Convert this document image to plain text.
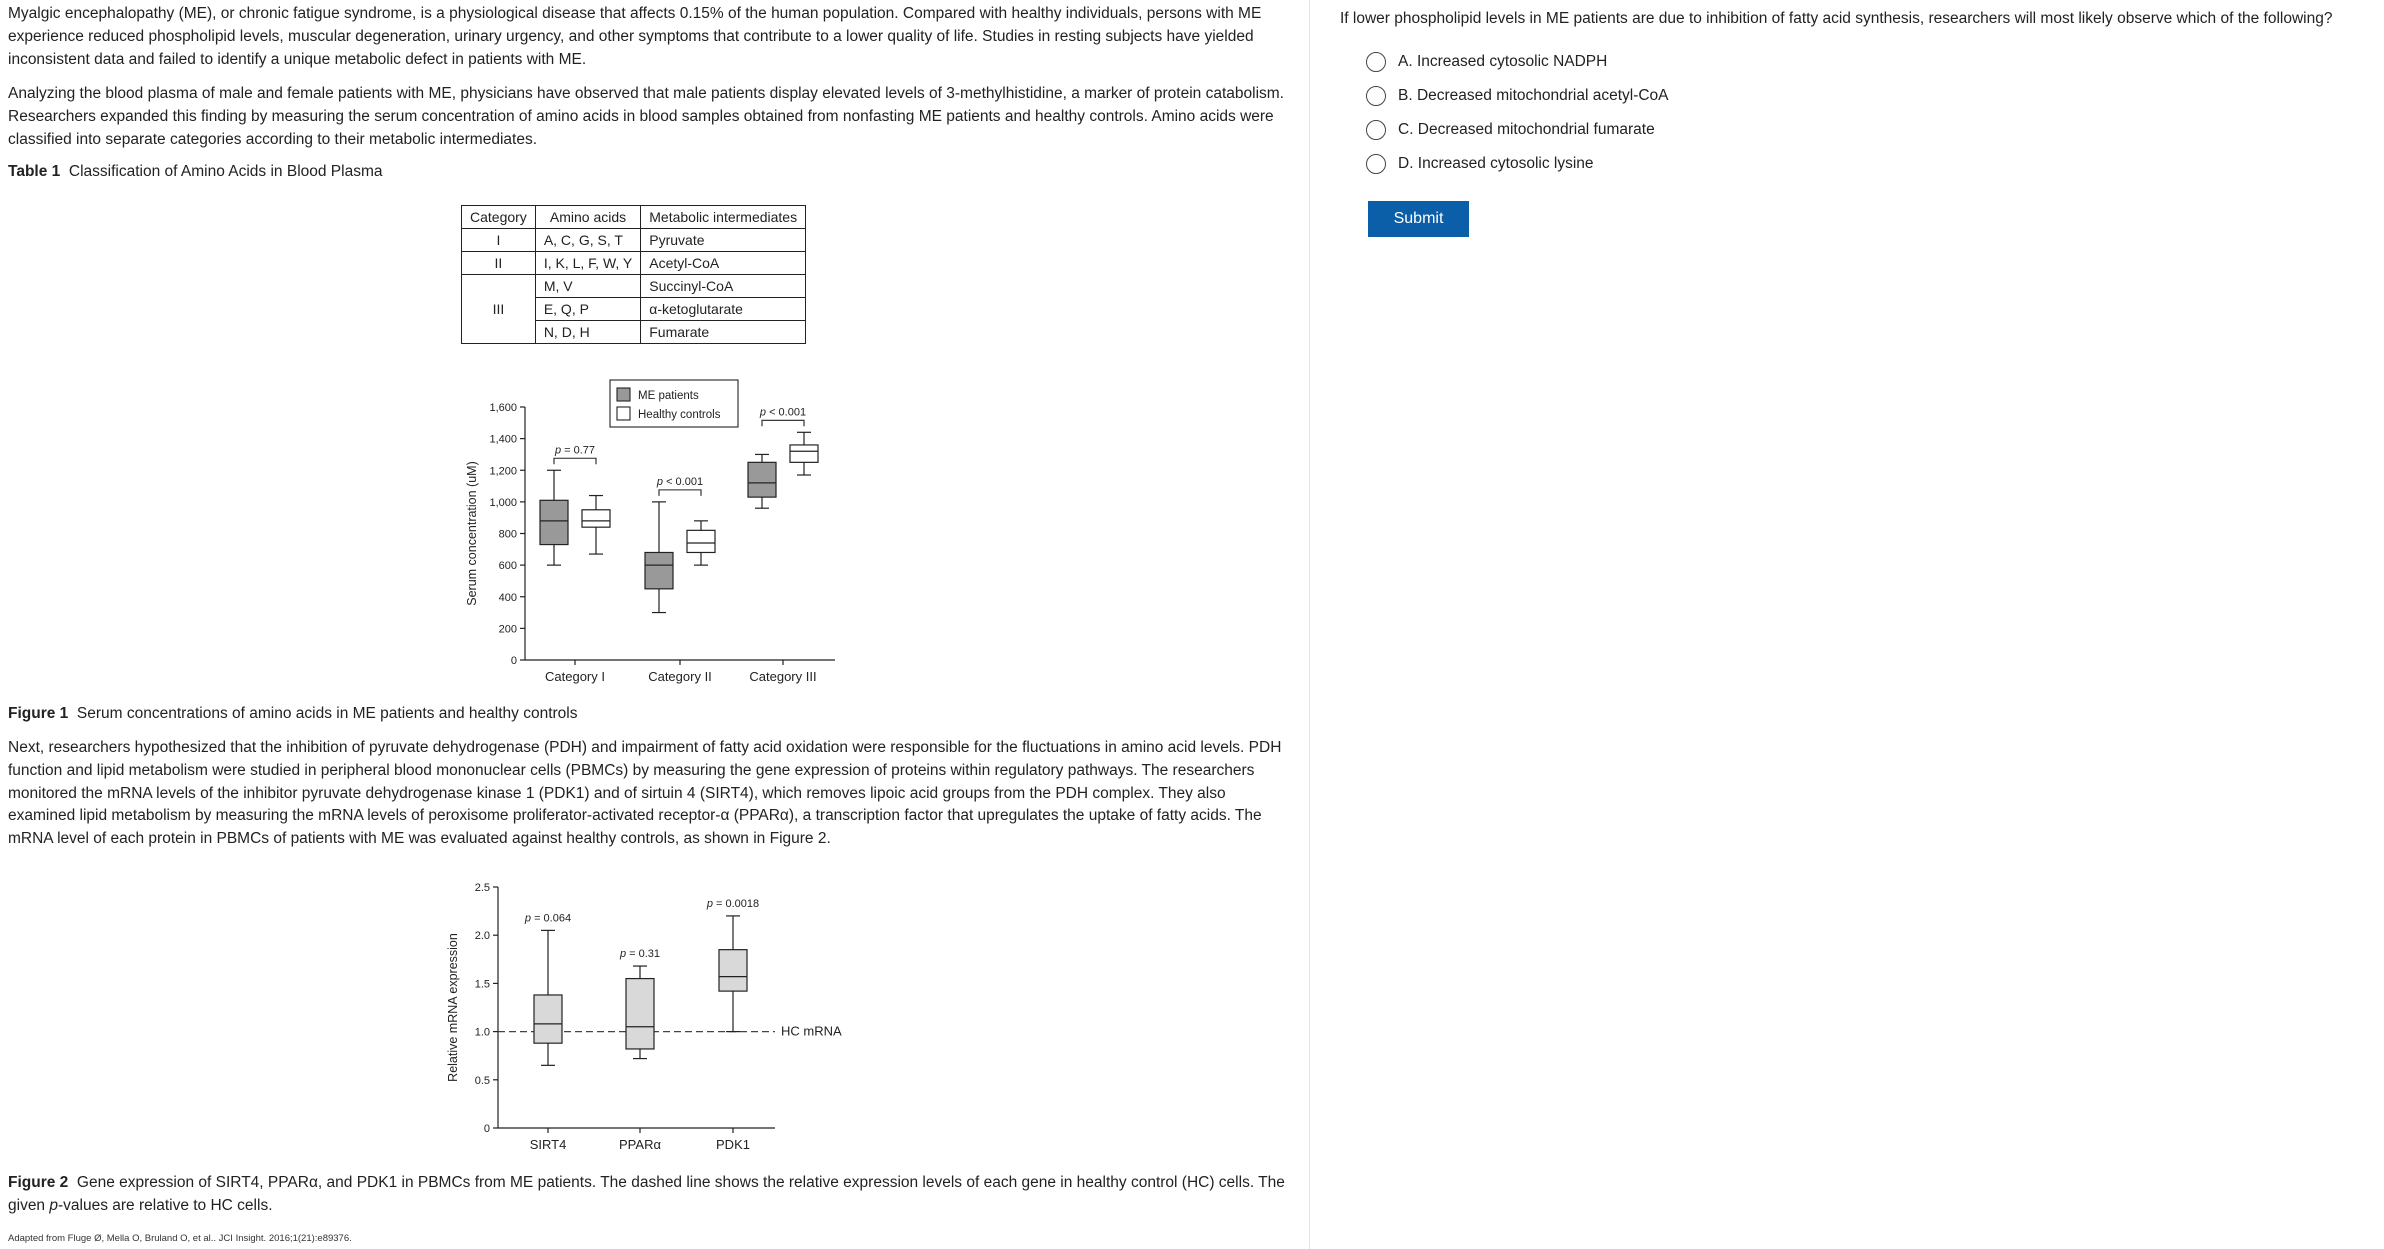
Myalgic encephalopathy (ME), or chronic fatigue syndrome, is a physiological disease that affects 0.15% of the human population. Compared with healthy individuals, persons with ME experience reduced phospholipid levels, muscular degeneration, urinary urgency, and other symptoms that contribute to a lower quality of life. Studies in resting subjects have yielded inconsistent data and failed to identify a unique metabolic defect in patients with ME.

Analyzing the blood plasma of male and female patients with ME, physicians have observed that male patients display elevated levels of 3-methylhistidine, a marker of protein catabolism. Researchers expanded this finding by measuring the serum concentration of amino acids in blood samples obtained from nonfasting ME patients and healthy controls. Amino acids were classified into separate categories according to their metabolic intermediates.

Table 1 Classification of Amino Acids in Blood Plasma

Category	Amino acids	Metabolic intermediates
I	A, C, G, S, T	Pyruvate
II	I, K, L, F, W, Y	Acetyl-CoA
III	M, V	Succinyl-CoA
	E, Q, P	α-ketoglutarate
	N, D, H	Fumarate
0
200
400
600
800
1,000
1,200
1,400
1,600
Serum concentration (uM)
Category I
p = 0.77
Category II
p < 0.001
Category III
p < 0.001
ME patients
Healthy controls

Figure 1 Serum concentrations of amino acids in ME patients and healthy controls

Next, researchers hypothesized that the inhibition of pyruvate dehydrogenase (PDH) and impairment of fatty acid oxidation were responsible for the fluctuations in amino acid levels. PDH function and lipid metabolism were studied in peripheral blood mononuclear cells (PBMCs) by measuring the gene expression of proteins within regulatory pathways. The researchers monitored the mRNA levels of the inhibitor pyruvate dehydrogenase kinase 1 (PDK1) and of sirtuin 4 (SIRT4), which removes lipoic acid groups from the PDH complex. They also examined lipid metabolism by measuring the mRNA levels of peroxisome proliferator-activated receptor-α (PPARα), a transcription factor that upregulates the uptake of fatty acids. The mRNA level of each protein in PBMCs of patients with ME was evaluated against healthy controls, as shown in Figure 2.

0
0.5
1.0
1.5
2.0
2.5
Relative mRNA expression	HC mRNA
SIRT4
p = 0.064
PPARα
p = 0.31
PDK1
p = 0.0018

Figure 2 Gene expression of SIRT4, PPARα, and PDK1 in PBMCs from ME patients. The dashed line shows the relative expression levels of each gene in healthy control (HC) cells. The given p-values are relative to HC cells.

Adapted from Fluge Ø, Mella O, Bruland O, et al.. JCI Insight. 2016;1(21):e89376.
If lower phospholipid levels in ME patients are due to inhibition of fatty acid synthesis, researchers will most likely observe which of the following?
A. Increased cytosolic NADPH
B. Decreased mitochondrial acetyl-CoA
C. Decreased mitochondrial fumarate
D. Increased cytosolic lysine
Submit
